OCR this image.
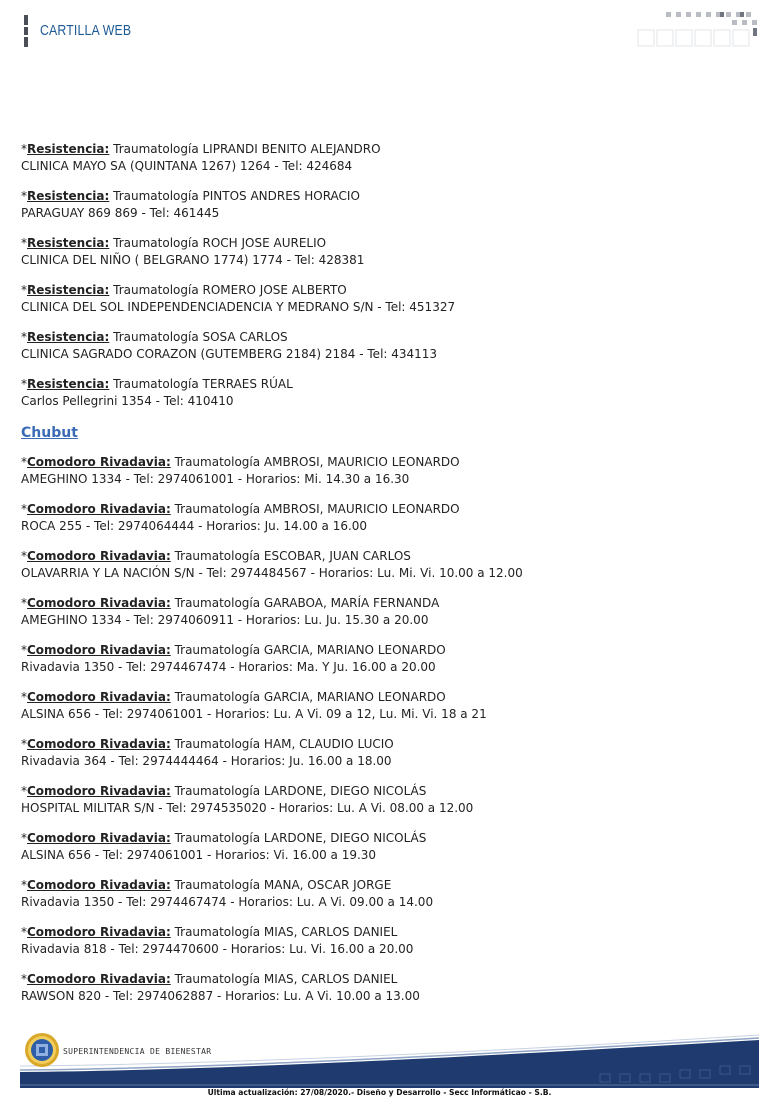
CARTILLA WEB
*Resistencia: Traumatología LIPRANDI BENITO ALEJANDRO
CLINICA MAYO SA (QUINTANA 1267) 1264 - Tel: 424684
*Resistencia: Traumatología PINTOS ANDRES HORACIO
PARAGUAY 869 869 - Tel: 461445
*Resistencia: Traumatología ROCH JOSE AURELIO
CLINICA DEL NIÑO ( BELGRANO 1774) 1774 - Tel: 428381
*Resistencia: Traumatología ROMERO JOSE ALBERTO
CLINICA DEL SOL INDEPENDENCIADENCIA Y MEDRANO S/N - Tel: 451327
*Resistencia: Traumatología SOSA CARLOS
CLINICA SAGRADO CORAZON (GUTEMBERG 2184) 2184 - Tel: 434113
*Resistencia: Traumatología TERRAES RÚAL
Carlos Pellegrini 1354 - Tel: 410410
Chubut
*Comodoro Rivadavia: Traumatología AMBROSI, MAURICIO LEONARDO
AMEGHINO 1334 - Tel: 2974061001 - Horarios: Mi. 14.30 a 16.30
*Comodoro Rivadavia: Traumatología AMBROSI, MAURICIO LEONARDO
ROCA 255 - Tel: 2974064444 - Horarios: Ju. 14.00 a 16.00
*Comodoro Rivadavia: Traumatología ESCOBAR, JUAN CARLOS
OLAVARRIA Y LA NACIÓN S/N - Tel: 2974484567 - Horarios: Lu. Mi. Vi. 10.00 a 12.00
*Comodoro Rivadavia: Traumatología GARABOA, MARÍA FERNANDA
AMEGHINO 1334 - Tel: 2974060911 - Horarios: Lu. Ju. 15.30 a 20.00
*Comodoro Rivadavia: Traumatología GARCIA, MARIANO LEONARDO
Rivadavia 1350 - Tel: 2974467474 - Horarios: Ma. Y Ju. 16.00 a 20.00
*Comodoro Rivadavia: Traumatología GARCIA, MARIANO LEONARDO
ALSINA 656 - Tel: 2974061001 - Horarios: Lu. A Vi. 09 a 12, Lu. Mi. Vi. 18 a 21
*Comodoro Rivadavia: Traumatología HAM, CLAUDIO LUCIO
Rivadavia 364 - Tel: 2974444464 - Horarios: Ju. 16.00 a 18.00
*Comodoro Rivadavia: Traumatología LARDONE, DIEGO NICOLÁS
HOSPITAL MILITAR S/N - Tel: 2974535020 - Horarios: Lu. A Vi. 08.00 a 12.00
*Comodoro Rivadavia: Traumatología LARDONE, DIEGO NICOLÁS
ALSINA 656 - Tel: 2974061001 - Horarios: Vi. 16.00 a 19.30
*Comodoro Rivadavia: Traumatología MANA, OSCAR JORGE
Rivadavia 1350 - Tel: 2974467474 - Horarios: Lu. A Vi. 09.00 a 14.00
*Comodoro Rivadavia: Traumatología MIAS, CARLOS DANIEL
Rivadavia 818 - Tel: 2974470600 - Horarios: Lu. Vi. 16.00 a 20.00
*Comodoro Rivadavia: Traumatología MIAS, CARLOS DANIEL
RAWSON 820 - Tel: 2974062887 - Horarios: Lu. A Vi. 10.00 a 13.00
SUPERINTENDENCIA DE BIENESTAR
Ultima actualización: 27/08/2020.- Diseño y Desarrollo - Secc Informáticao - S.B.
